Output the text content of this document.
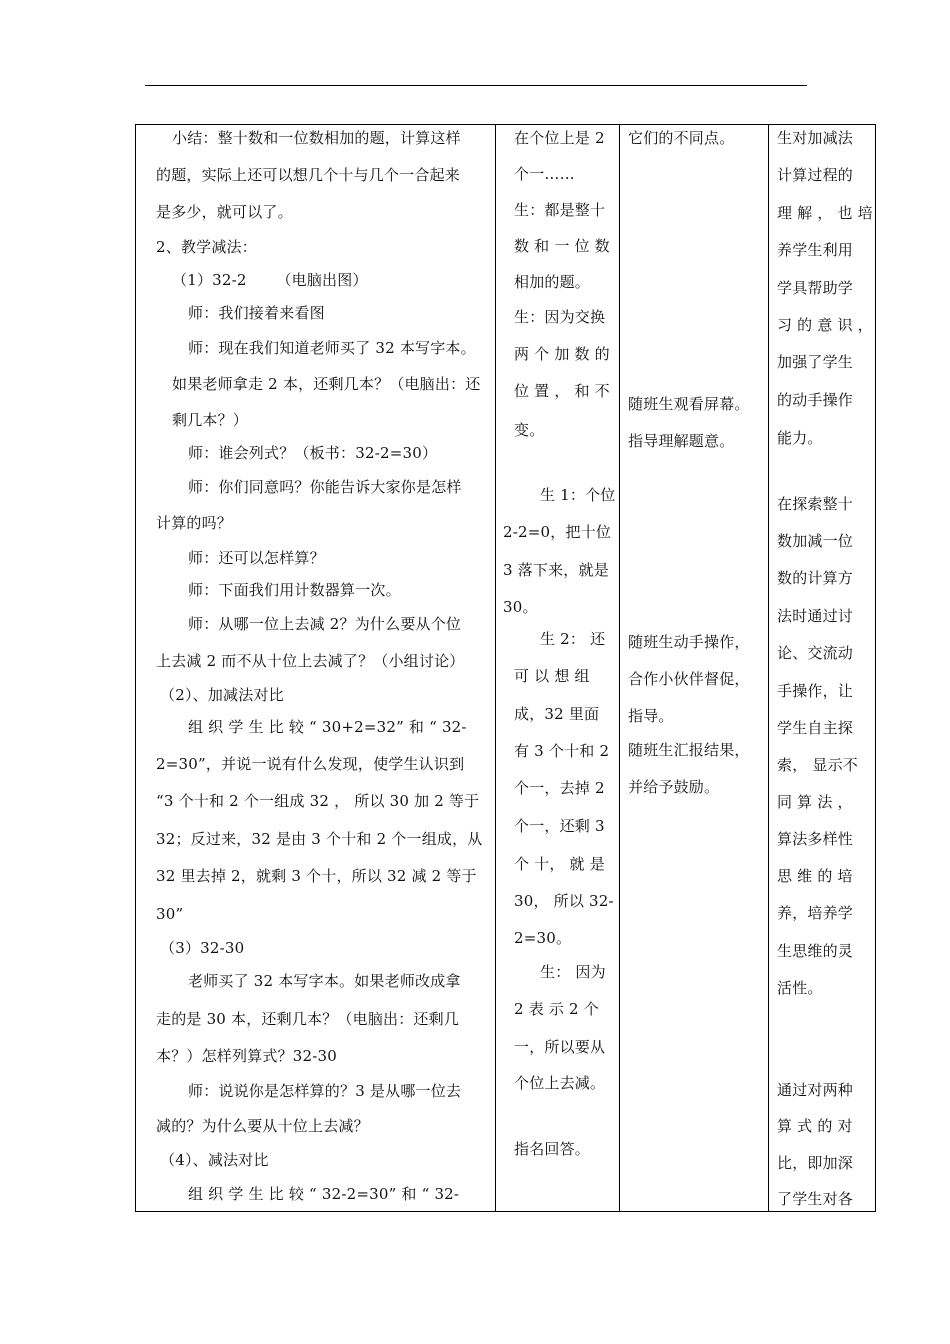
小结：整十数和一位数相加的题，计算这样
的题，实际上还可以想几个十与几个一合起来
是多少，就可以了。
2、教学减法：
（1）32-2      （电脑出图）
师：我们接着来看图
师：现在我们知道老师买了 32 本写字本。
如果老师拿走 2 本，还剩几本？（电脑出：还
剩几本？）
师：谁会列式？（板书：32-2=30）
师：你们同意吗？你能告诉大家你是怎样
计算的吗？
师：还可以怎样算？
师：下面我们用计数器算一次。
师：从哪一位上去减 2？为什么要从个位
上去减 2 而不从十位上去减了？（小组讨论）
（2）、加减法对比
组 织 学 生 比 较 “ 30+2=32” 和 “ 32-
2=30”，并说一说有什么发现，使学生认识到
“3 个十和 2 个一组成 32 ， 所以 30 加 2 等于
32；反过来，32 是由 3 个十和 2 个一组成，从
32 里去掉 2，就剩 3 个十，所以 32 减 2 等于
30”
（3）32-30
老师买了 32 本写字本。如果老师改成拿
走的是 30 本，还剩几本？（电脑出：还剩几
本？）怎样列算式？32-30
师：说说你是怎样算的？3 是从哪一位去
减的？为什么要从十位上去减？
（4）、减法对比
组 织 学 生 比 较 “ 32-2=30” 和 “ 32-
在个位上是 2
个一……
生：都是整十
数 和 一 位 数
相加的题。
生：因为交换
两 个 加 数 的
位 置 ， 和 不
变。
生 1：个位
2-2=0，把十位
3 落下来，就是
30。
生 2： 还
可 以 想 组
成，32 里面
有 3 个十和 2
个一，去掉 2
个一，还剩 3
个 十， 就 是
30， 所以 32-
2=30。
生： 因为
2 表 示 2 个
一，所以要从
个位上去减。
指名回答。
它们的不同点。
随班生观看屏幕。
指导理解题意。
随班生动手操作，
合作小伙伴督促，
指导。
随班生汇报结果，
并给予鼓励。
生对加减法
计算过程的
理 解 ， 也 培
养学生利用
学具帮助学
习 的 意 识 ，
加强了学生
的动手操作
能力。
在探索整十
数加减一位
数的计算方
法时通过讨
论、交流动
手操作，让
学生自主探
索， 显示不
同 算 法 ，
算法多样性
思 维 的 培
养，培养学
生思维的灵
活性。
通过对两种
算 式 的 对
比，即加深
了学生对各
